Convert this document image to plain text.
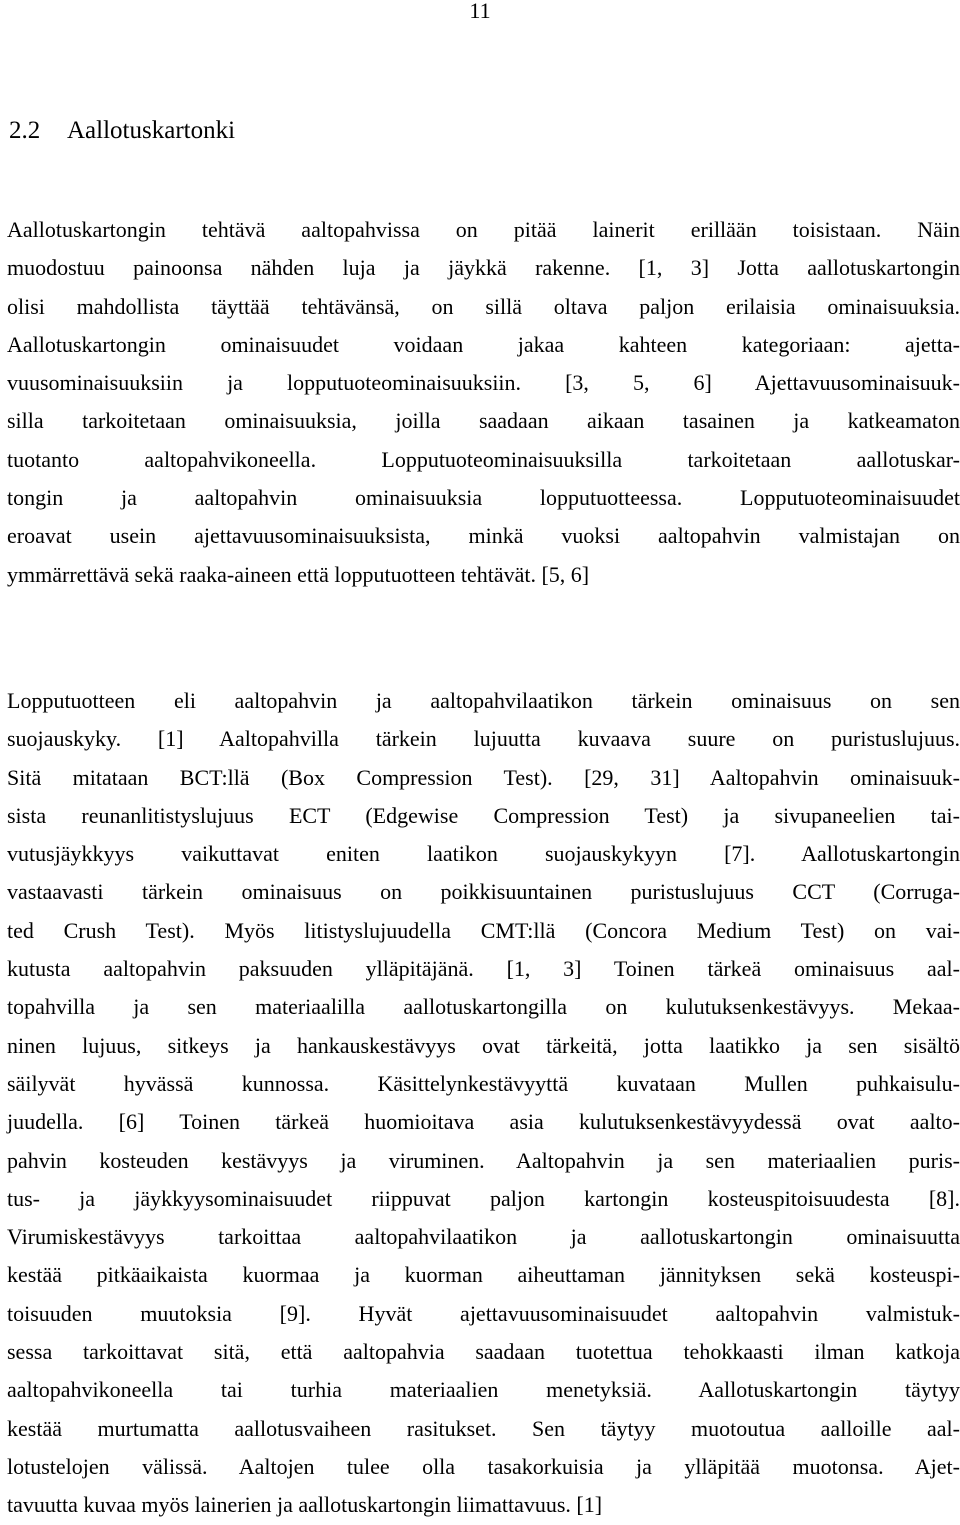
11
2.2 Aallotuskartonki

Aallotuskartongin tehtävä aaltopahvissa on pitää lainerit erillään toisistaan. Näin
muodostuu painoonsa nähden luja ja jäykkä rakenne. [1, 3] Jotta aallotuskartongin
olisi mahdollista täyttää tehtävänsä, on sillä oltava paljon erilaisia ominaisuuksia.
Aallotuskartongin ominaisuudet voidaan jakaa kahteen kategoriaan: ajetta-
vuusominaisuuksiin ja lopputuoteominaisuuksiin. [3, 5, 6] Ajettavuusominaisuuk-
silla tarkoitetaan ominaisuuksia, joilla saadaan aikaan tasainen ja katkeamaton
tuotanto aaltopahvikoneella. Lopputuoteominaisuuksilla tarkoitetaan aallotuskar-
tongin ja aaltopahvin ominaisuuksia lopputuotteessa. Lopputuoteominaisuudet
eroavat usein ajettavuusominaisuuksista, minkä vuoksi aaltopahvin valmistajan on
ymmärrettävä sekä raaka-aineen että lopputuotteen tehtävät. [5, 6]

Lopputuotteen eli aaltopahvin ja aaltopahvilaatikon tärkein ominaisuus on sen
suojauskyky. [1] Aaltopahvilla tärkein lujuutta kuvaava suure on puristuslujuus.
Sitä mitataan BCT:llä (Box Compression Test). [29, 31] Aaltopahvin ominaisuuk-
sista reunanlitistyslujuus ECT (Edgewise Compression Test) ja sivupaneelien tai-
vutusjäykkyys vaikuttavat eniten laatikon suojauskykyyn [7]. Aallotuskartongin
vastaavasti tärkein ominaisuus on poikkisuuntainen puristuslujuus CCT (Corruga-
ted Crush Test). Myös litistyslujuudella CMT:llä (Concora Medium Test) on vai-
kutusta aaltopahvin paksuuden ylläpitäjänä. [1, 3] Toinen tärkeä ominaisuus aal-
topahvilla ja sen materiaalilla aallotuskartongilla on kulutuksenkestävyys. Mekaa-
ninen lujuus, sitkeys ja hankauskestävyys ovat tärkeitä, jotta laatikko ja sen sisältö
säilyvät hyvässä kunnossa. Käsittelynkestävyyttä kuvataan Mullen puhkaisulu-
juudella. [6] Toinen tärkeä huomioitava asia kulutuksenkestävyydessä ovat aalto-
pahvin kosteuden kestävyys ja viruminen. Aaltopahvin ja sen materiaalien puris-
tus- ja jäykkyysominaisuudet riippuvat paljon kartongin kosteuspitoisuudesta [8].
Virumiskestävyys tarkoittaa aaltopahvilaatikon ja aallotuskartongin ominaisuutta
kestää pitkäaikaista kuormaa ja kuorman aiheuttaman jännityksen sekä kosteuspi-
toisuuden muutoksia [9]. Hyvät ajettavuusominaisuudet aaltopahvin valmistuk-
sessa tarkoittavat sitä, että aaltopahvia saadaan tuotettua tehokkaasti ilman katkoja
aaltopahvikoneella tai turhia materiaalien menetyksiä. Aallotuskartongin täytyy
kestää murtumatta aallotusvaiheen rasitukset. Sen täytyy muotoutua aalloille aal-
lotustelojen välissä. Aaltojen tulee olla tasakorkuisia ja ylläpitää muotonsa. Ajet-
tavuutta kuvaa myös lainerien ja aallotuskartongin liimattavuus. [1]
